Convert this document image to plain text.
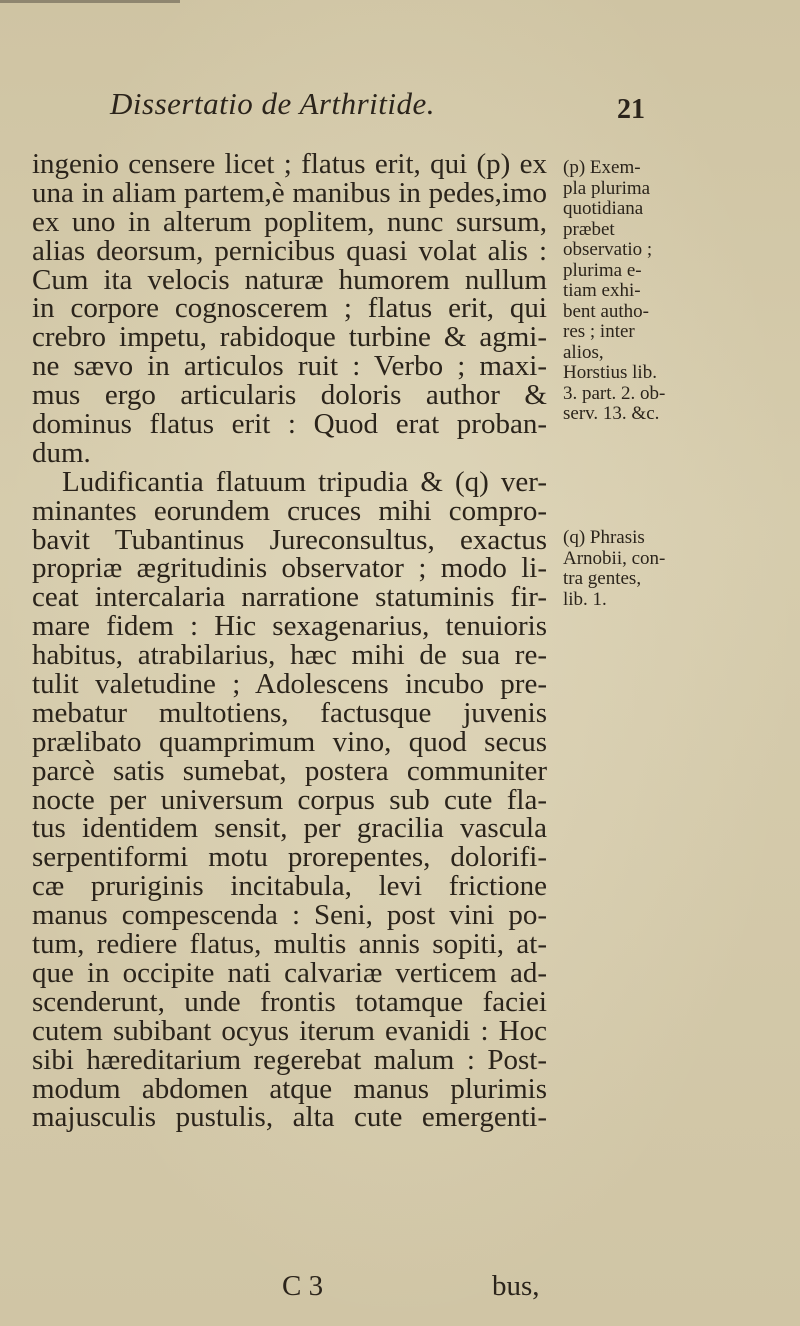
Dissertatio de Arthritide.	21
ingenio censere licet ; flatus erit, qui (p) ex
una in aliam partem,è manibus in pedes,imo
ex uno in alterum poplitem, nunc sursum,
alias deorsum, pernicibus quasi volat alis :
Cum ita velocis naturæ humorem nullum
in corpore cognoscerem ; flatus erit, qui
crebro impetu, rabidoque turbine & agmi-
ne sævo in articulos ruit : Verbo ; maxi-
mus ergo articularis doloris author &
dominus flatus erit : Quod erat proban-
dum.
Ludificantia flatuum tripudia & (q) ver-
minantes eorundem cruces mihi compro-
bavit Tubantinus Jureconsultus, exactus
propriæ ægritudinis observator ; modo li-
ceat intercalaria narratione statuminis fir-
mare fidem : Hic sexagenarius, tenuioris
habitus, atrabilarius, hæc mihi de sua re-
tulit valetudine ; Adolescens incubo pre-
mebatur multotiens, factusque juvenis
prælibato quamprimum vino, quod secus
parcè satis sumebat, postera communiter
nocte per universum corpus sub cute fla-
tus identidem sensit, per gracilia vascula
serpentiformi motu prorepentes, dolorifi-
cæ pruriginis incitabula, levi frictione
manus compescenda : Seni, post vini po-
tum, rediere flatus, multis annis sopiti, at-
que in occipite nati calvariæ verticem ad-
scenderunt, unde frontis totamque faciei
cutem subibant ocyus iterum evanidi : Hoc
sibi hæreditarium regerebat malum : Post-
modum abdomen atque manus plurimis
majusculis pustulis, alta cute emergenti-
(p) Exem-
pla plurima
quotidiana
præbet
observatio ;
plurima e-
tiam exhi-
bent autho-
res ; inter
alios,
Horstius lib.
3. part. 2. ob-
serv. 13. &c.
(q) Phrasis
Arnobii, con-
tra gentes,
lib. 1.
C 3	bus,
